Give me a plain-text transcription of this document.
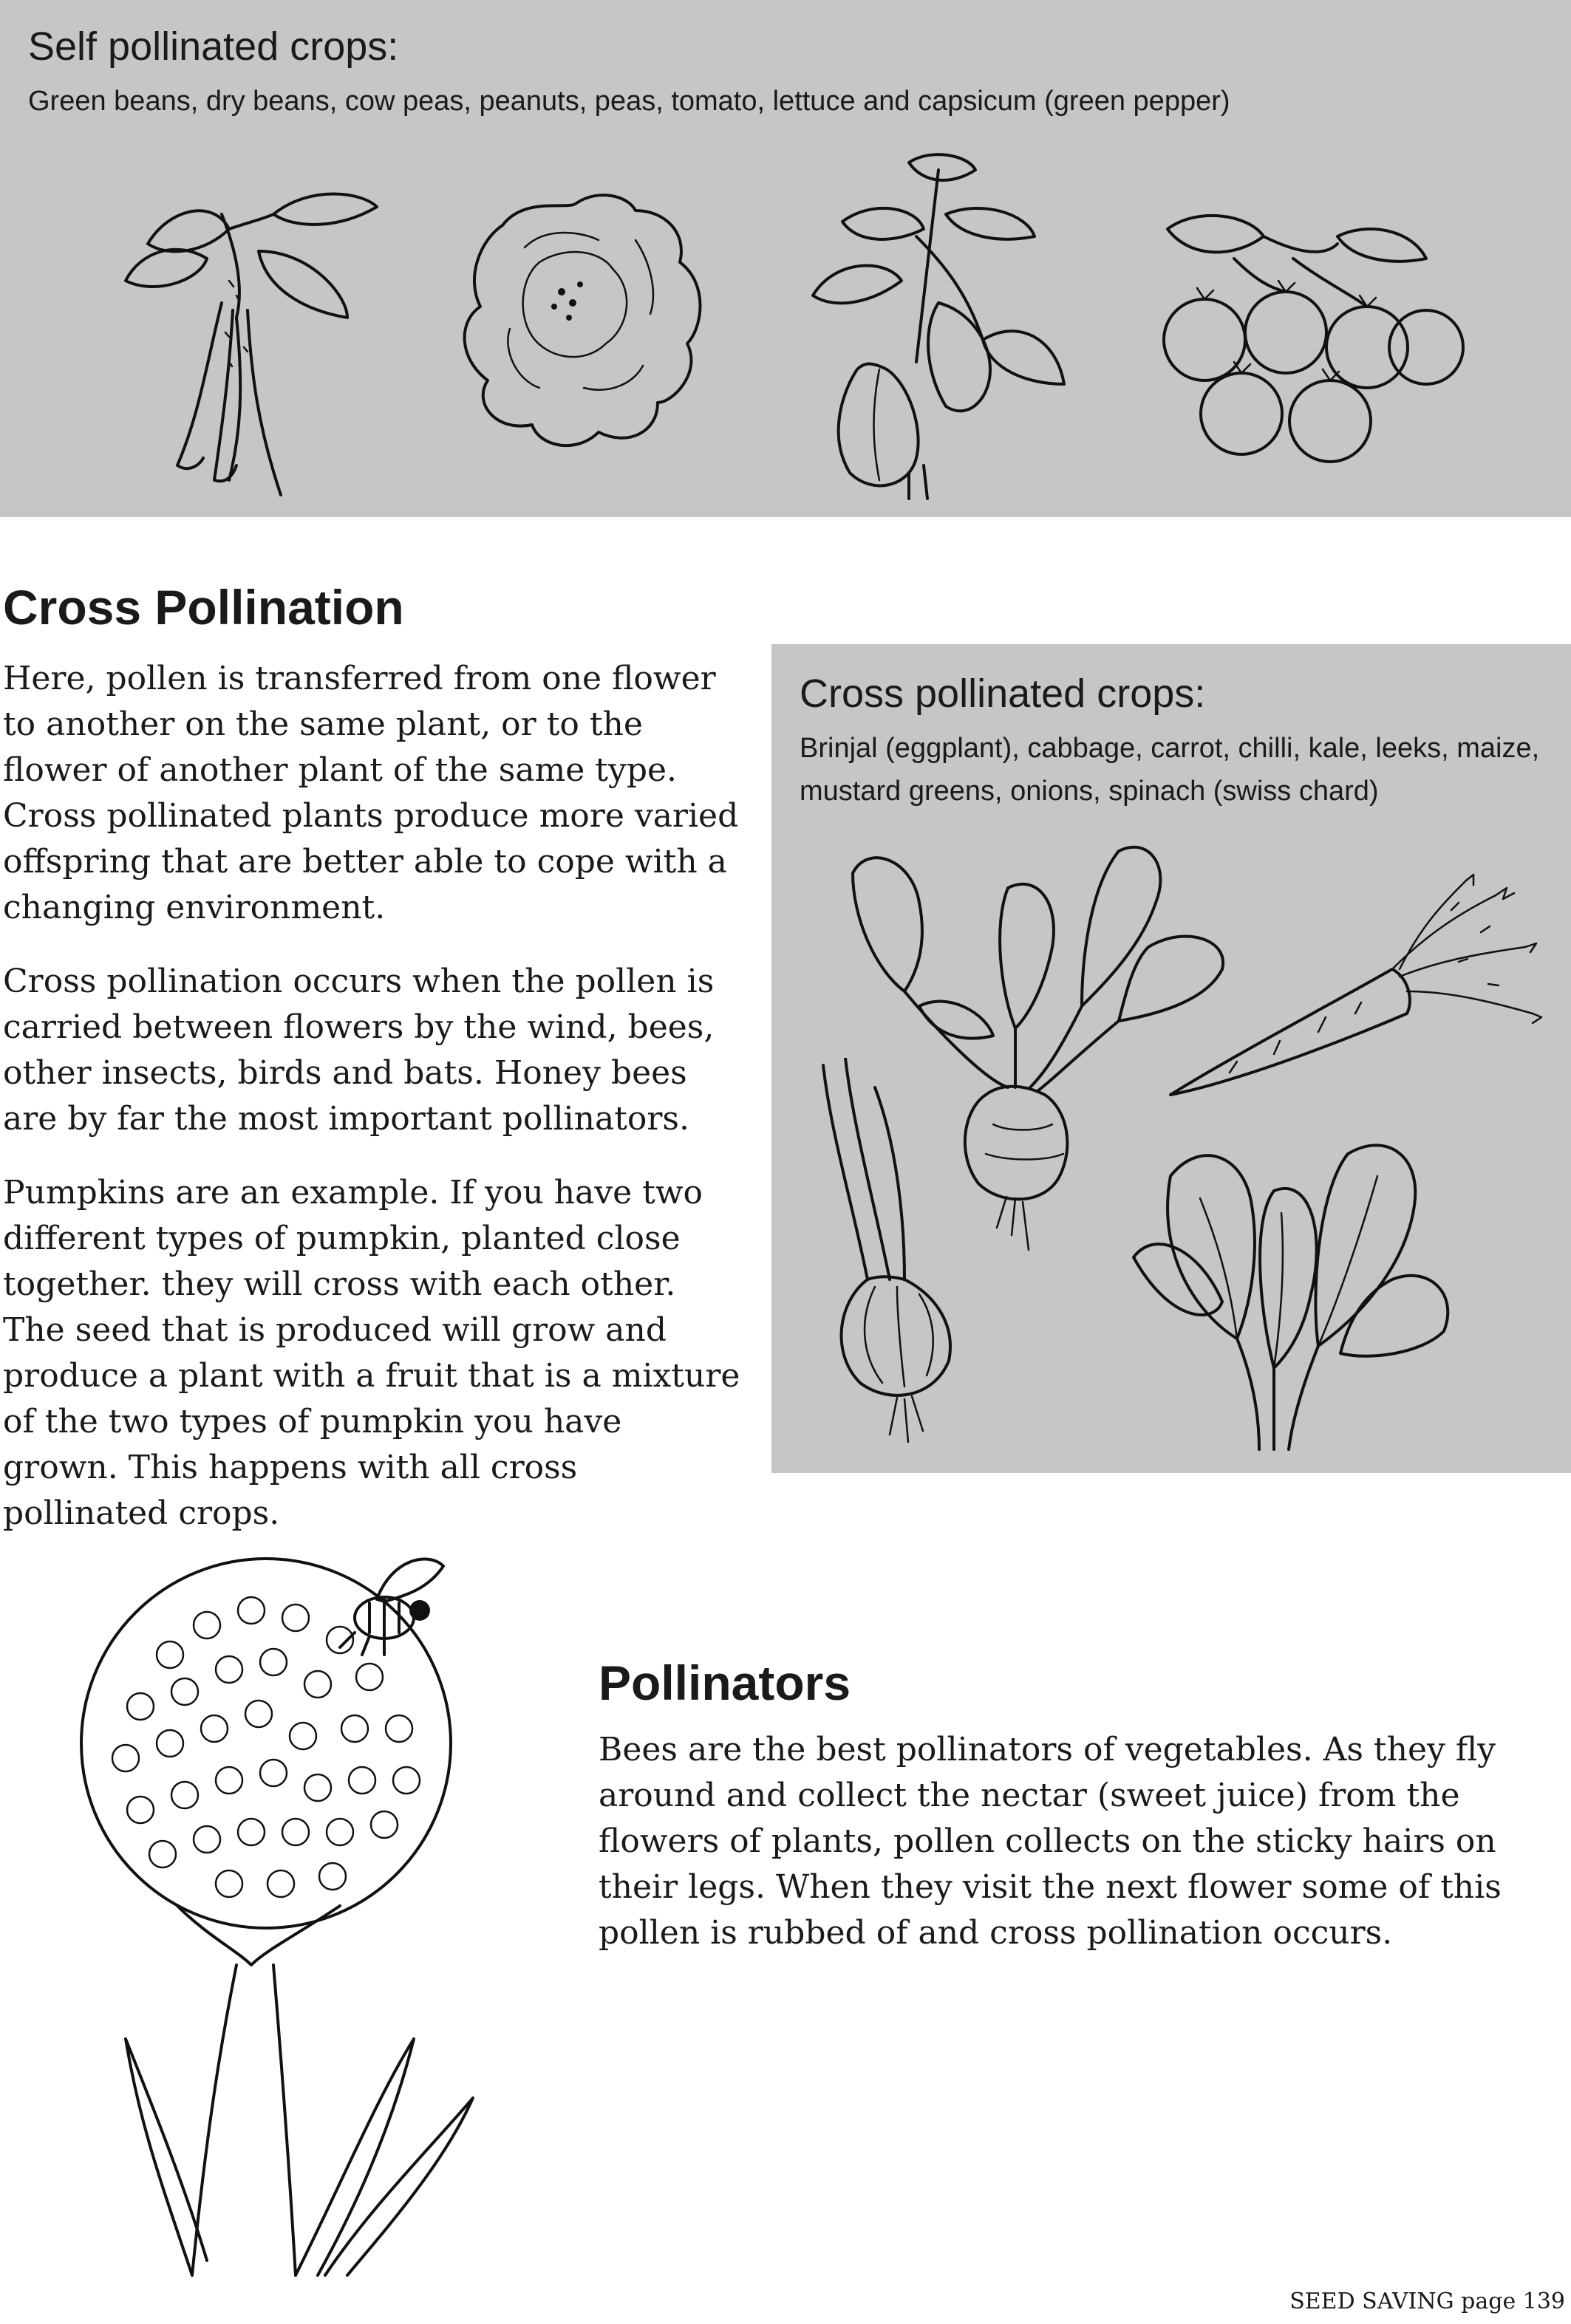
Self pollinated crops:
Green beans, dry beans, cow peas, peanuts, peas, tomato, lettuce and capsicum (green pepper)
Cross Pollination
Here, pollen is transferred from one flower to another on the same plant, or to the flower of another plant of the same type. Cross pollinated plants produce more varied offspring that are better able to cope with a changing environment.
Cross pollination occurs when the pollen is carried between flowers by the wind, bees, other insects, birds and bats. Honey bees are by far the most important pollinators.
Pumpkins are an example. If you have two different types of pumpkin, planted close together. they will cross with each other. The seed that is produced will grow and produce a plant with a fruit that is a mixture of the two types of pumpkin you have grown. This happens with all cross pollinated crops.
Cross pollinated crops:
Brinjal (eggplant), cabbage, carrot, chilli, kale, leeks, maize, mustard greens, onions, spinach (swiss chard)
Pollinators
Bees are the best pollinators of vegetables. As they fly around and collect the nectar (sweet juice) from the flowers of plants, pollen collects on the sticky hairs on their legs. When they visit the next flower some of this pollen is rubbed of and cross pollination occurs.
SEED SAVING page 139
